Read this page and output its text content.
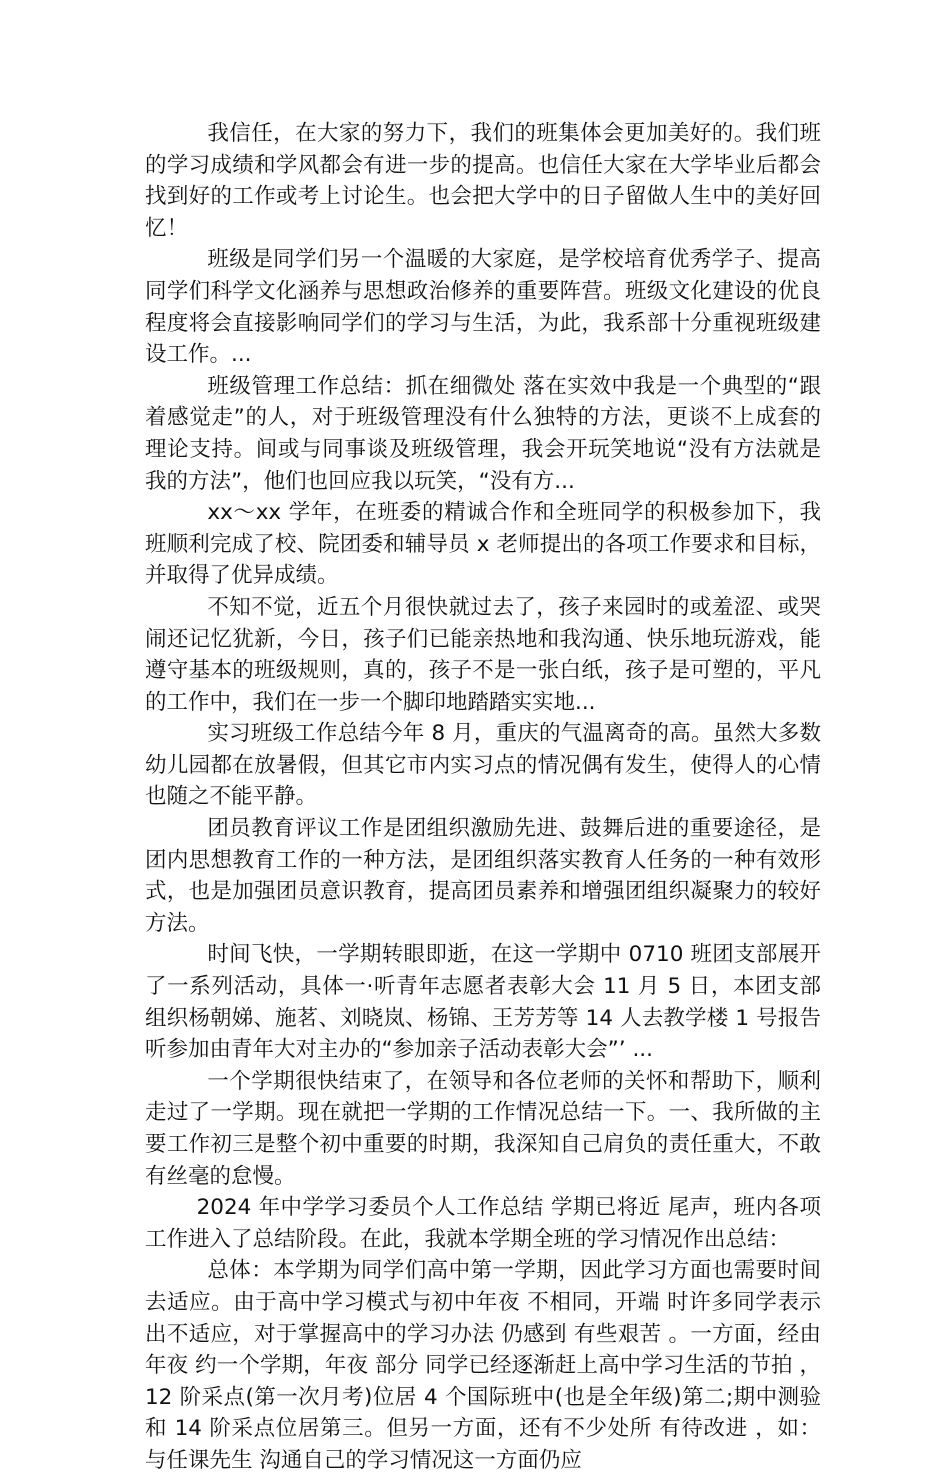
我信任，在大家的努力下，我们的班集体会更加美好的。我们班的学习成绩和学风都会有进一步的提高。也信任大家在大学毕业后都会找到好的工作或考上讨论生。也会把大学中的日子留做人生中的美好回忆！

班级是同学们另一个温暖的大家庭，是学校培育优秀学子、提高同学们科学文化涵养与思想政治修养的重要阵营。班级文化建设的优良程度将会直接影响同学们的学习与生活，为此，我系部十分重视班级建设工作。...

班级管理工作总结：抓在细微处 落在实效中我是一个典型的“跟着感觉走”的人，对于班级管理没有什么独特的方法，更谈不上成套的理论支持。间或与同事谈及班级管理，我会开玩笑地说“没有方法就是我的方法”，他们也回应我以玩笑，“没有方...

xx～xx 学年，在班委的精诚合作和全班同学的积极参加下，我班顺利完成了校、院团委和辅导员 x 老师提出的各项工作要求和目标，并取得了优异成绩。

不知不觉，近五个月很快就过去了，孩子来园时的或羞涩、或哭闹还记忆犹新，今日，孩子们已能亲热地和我沟通、快乐地玩游戏，能遵守基本的班级规则，真的，孩子不是一张白纸，孩子是可塑的，平凡的工作中，我们在一步一个脚印地踏踏实实地...

实习班级工作总结今年 8 月，重庆的气温离奇的高。虽然大多数幼儿园都在放暑假，但其它市内实习点的情况偶有发生，使得人的心情也随之不能平静。

团员教育评议工作是团组织激励先进、鼓舞后进的重要途径，是团内思想教育工作的一种方法，是团组织落实教育人任务的一种有效形式，也是加强团员意识教育，提高团员素养和增强团组织凝聚力的较好方法。

时间飞快，一学期转眼即逝，在这一学期中 0710 班团支部展开了一系列活动，具体一·听青年志愿者表彰大会 11 月 5 日，本团支部组织杨朝娣、施茗、刘晓岚、杨锦、王芳芳等 14 人去教学楼 1 号报告听参加由青年大对主办的“参加亲子活动表彰大会”’ ...

一个学期很快结束了，在领导和各位老师的关怀和帮助下，顺利走过了一学期。现在就把一学期的工作情况总结一下。一、我所做的主要工作初三是整个初中重要的时期，我深知自己肩负的责任重大，不敢有丝毫的怠慢。

2024 年中学学习委员个人工作总结 学期已将近 尾声，班内各项工作进入了总结阶段。在此，我就本学期全班的学习情况作出总结：

总体：本学期为同学们高中第一学期，因此学习方面也需要时间去适应。由于高中学习模式与初中年夜 不相同，开端 时许多同学表示 出不适应，对于掌握高中的学习办法 仍感到 有些艰苦 。一方面，经由 年夜 约一个学期，年夜 部分 同学已经逐渐赶上高中学习生活的节拍 ，12 阶采点(第一次月考)位居 4 个国际班中(也是全年级)第二;期中测验 和 14 阶采点位居第三。但另一方面，还有不少处所 有待改进 ，如：与任课先生 沟通自己的学习情况这一方面仍应
